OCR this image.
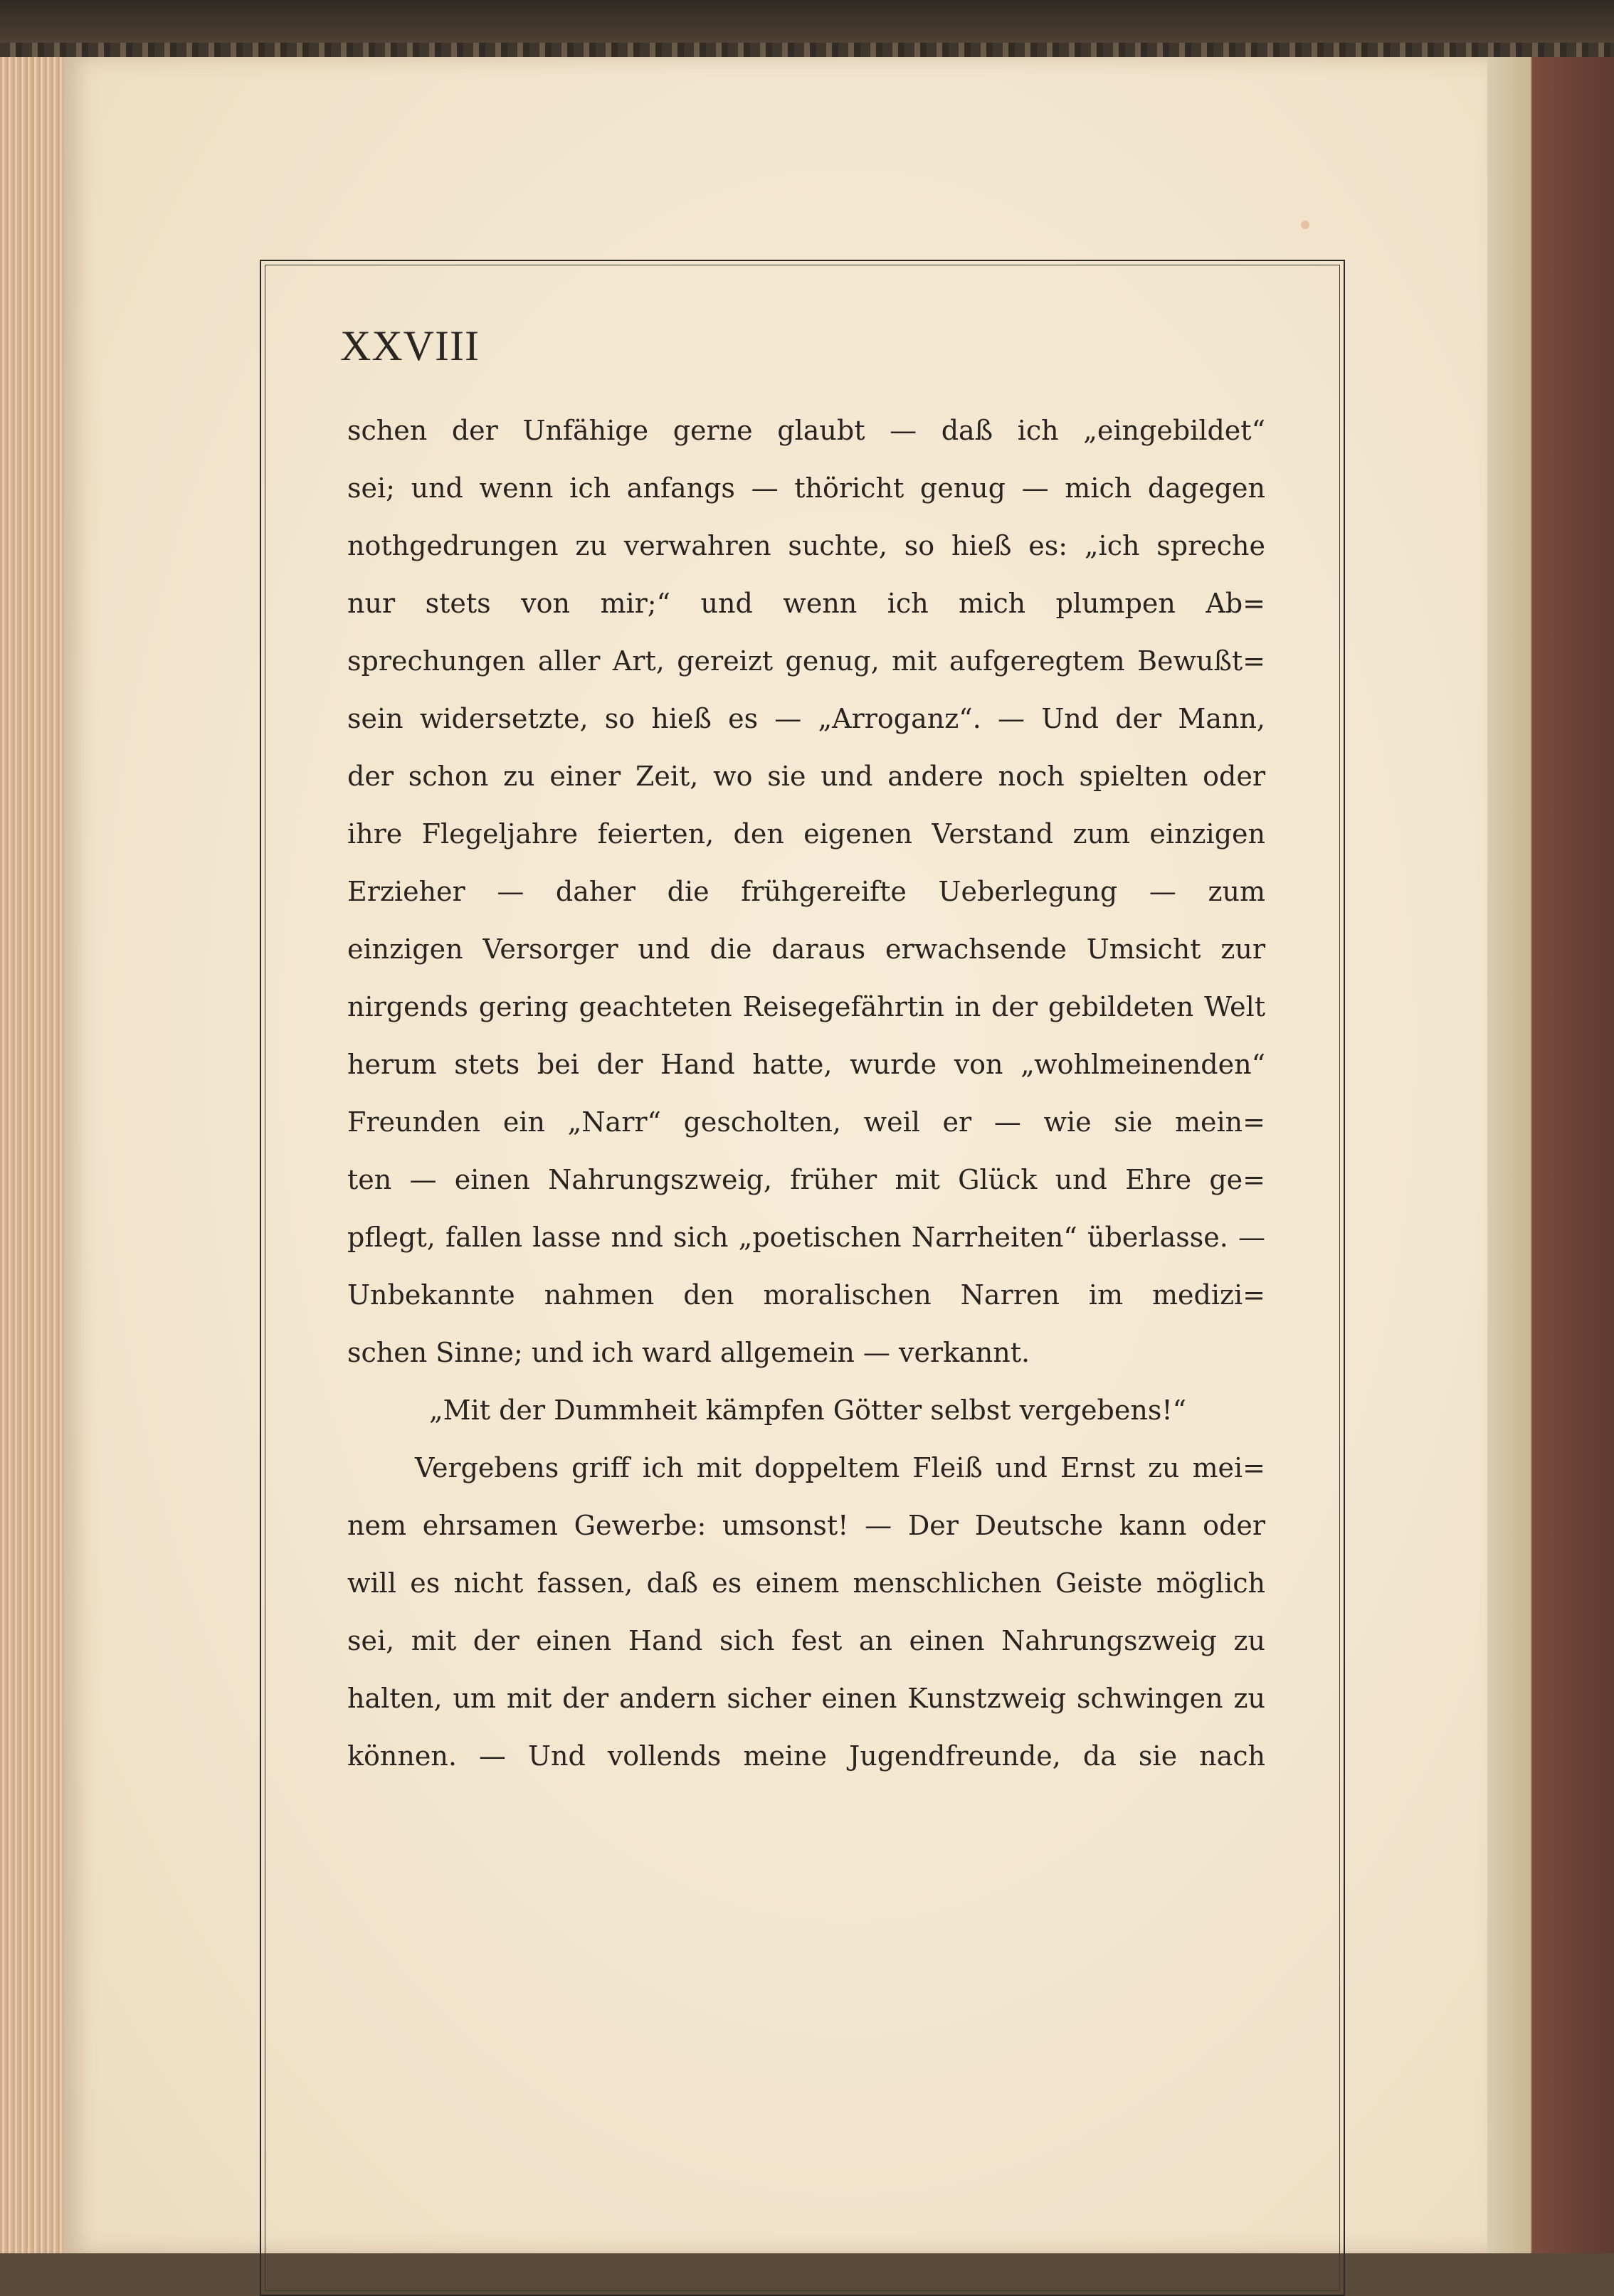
XXVIII
schen der Unfähige gerne glaubt — daß ich „eingebildet“
sei; und wenn ich anfangs — thöricht genug — mich dagegen
nothgedrungen zu verwahren suchte, so hieß es: „ich spreche
nur stets von mir;“ und wenn ich mich plumpen Ab=
sprechungen aller Art, gereizt genug, mit aufgeregtem Bewußt=
sein widersetzte, so hieß es — „Arroganz“. — Und der Mann,
der schon zu einer Zeit, wo sie und andere noch spielten oder
ihre Flegeljahre feierten, den eigenen Verstand zum einzigen
Erzieher — daher die frühgereifte Ueberlegung — zum
einzigen Versorger und die daraus erwachsende Umsicht zur
nirgends gering geachteten Reisegefährtin in der gebildeten Welt
herum stets bei der Hand hatte, wurde von „wohlmeinenden“
Freunden ein „Narr“ gescholten, weil er — wie sie mein=
ten — einen Nahrungszweig, früher mit Glück und Ehre ge=
pflegt, fallen lasse nnd sich „poetischen Narrheiten“ überlasse. —
Unbekannte nahmen den moralischen Narren im medizi=
schen Sinne; und ich ward allgemein — verkannt.
„Mit der Dummheit kämpfen Götter selbst vergebens!“
Vergebens griff ich mit doppeltem Fleiß und Ernst zu mei=
nem ehrsamen Gewerbe: umsonst! — Der Deutsche kann oder
will es nicht fassen, daß es einem menschlichen Geiste möglich
sei, mit der einen Hand sich fest an einen Nahrungszweig zu
halten, um mit der andern sicher einen Kunstzweig schwingen zu
können. — Und vollends meine Jugendfreunde, da sie nach
